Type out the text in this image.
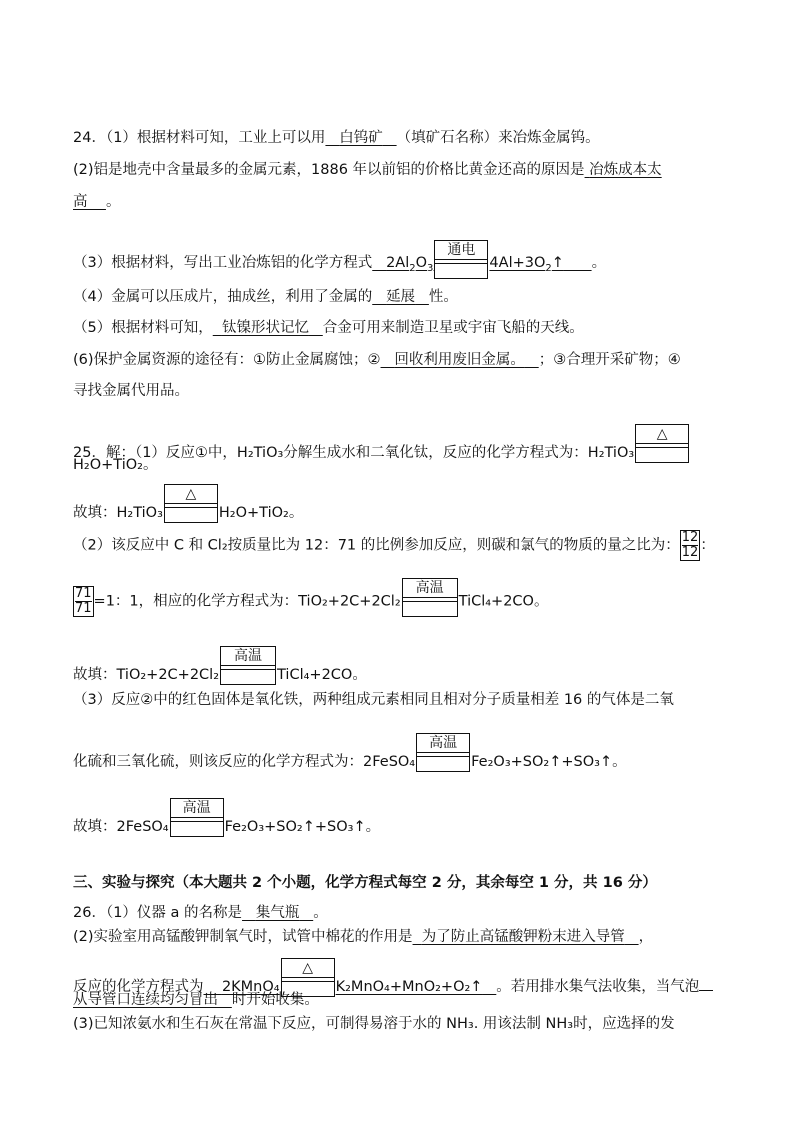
24．（1）根据材料可知，工业上可以用 白钨矿 （填矿石名称）来冶炼金属钨。
(2)铝是地壳中含量最多的金属元素，1886 年以前铝的价格比黄金还高的原因是 冶炼成本太
高 。
（3）根据材料，写出工业冶炼铝的化学方程式 $2Al_2O_3$
通电
$4Al+3O_2↑$ 。
（4）金属可以压成片，抽成丝，利用了金属的 延展 性。
（5）根据材料可知， 钛镍形状记忆 合金可用来制造卫星或宇宙飞船的天线。
(6)保护金属资源的途径有：①防止金属腐蚀；② 回收利用废旧金属。 ；③合理开采矿物；④
寻找金属代用品。
25．解：（1）反应①中，H₂TiO₃分解生成水和二氧化钛，反应的化学方程式为：H₂TiO₃
△
H₂O+TiO₂。
故填：H₂TiO₃
△
H₂O+TiO₂。
（2）该反应中 C 和 Cl₂按质量比为 12：71 的比例参加反应，则碳和氯气的物质的量之比为： $\frac{12}{12}$ ：
$\frac{71}{71} =1$：1，相应的化学方程式为：TiO₂+2C+2Cl₂
高温
TiCl₄+2CO。
故填：TiO₂+2C+2Cl₂
高温
TiCl₄+2CO。
（3）反应②中的红色固体是氧化铁，两种组成元素相同且相对分子质量相差 16 的气体是二氧
化硫和三氧化硫，则该反应的化学方程式为：2FeSO₄
高温
Fe₂O₃+SO₂↑+SO₃↑。
故填：2FeSO₄
高温
Fe₂O₃+SO₂↑+SO₃↑。
三、实验与探究（本大题共 2 个小题，化学方程式每空 2 分，其余每空 1 分，共 16 分）
26．（1）仪器 a 的名称是 集气瓶 。
(2)实验室用高锰酸钾制氧气时，试管中棉花的作用是 为了防止高锰酸钾粉末进入导管 ，
反应的化学方程式为 2KMnO₄
△
K₂MnO₄+MnO₂+O₂↑ 。若用排水集气法收集，当气泡
从导管口连续均匀冒出 时开始收集。
(3)已知浓氨水和生石灰在常温下反应，可制得易溶于水的 NH₃. 用该法制 NH₃时，应选择的发
